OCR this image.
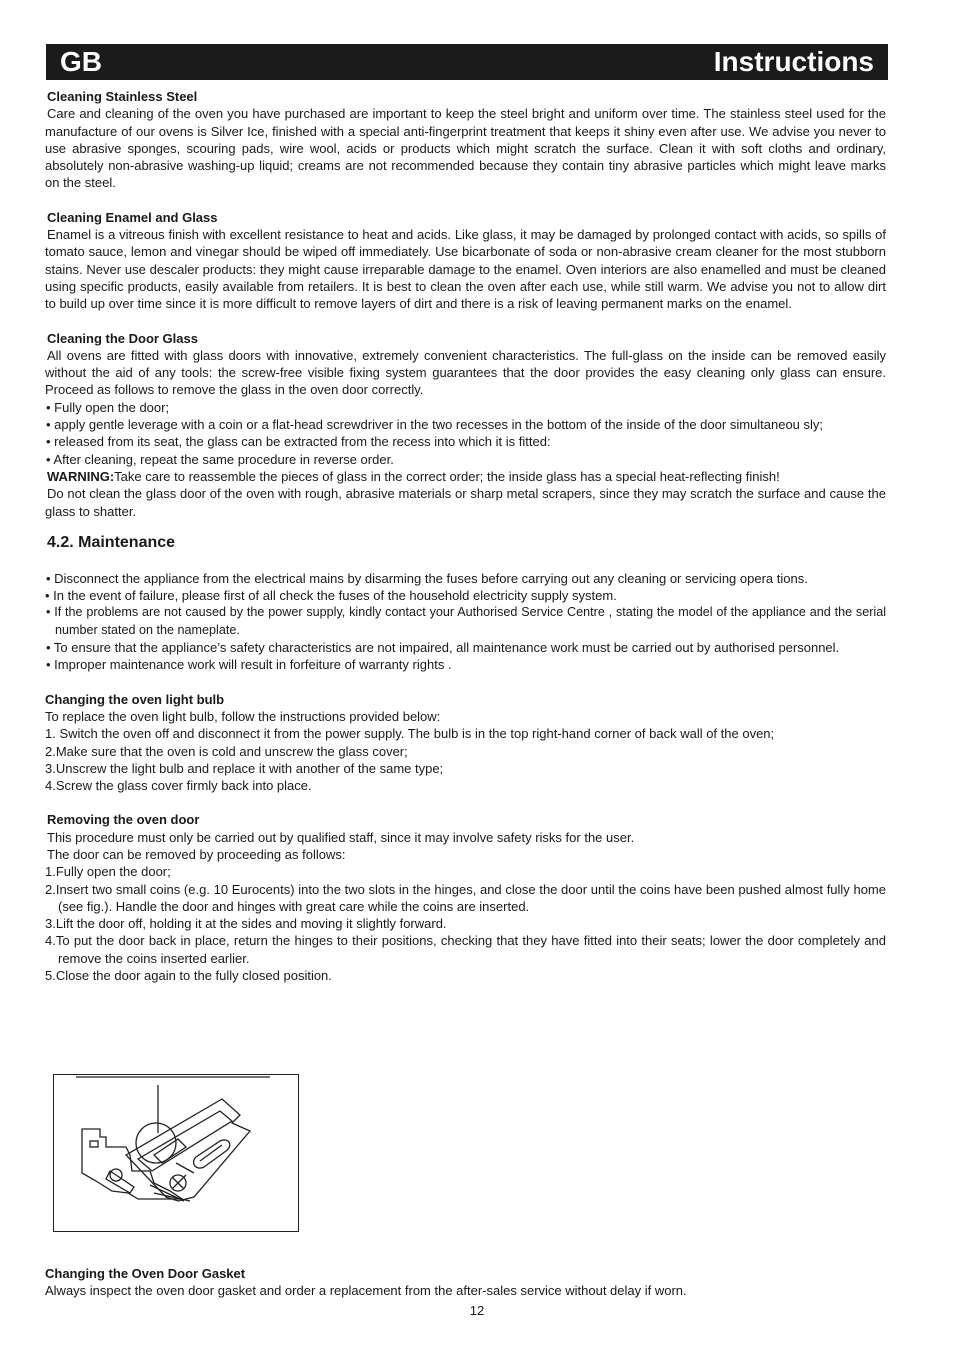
GB	Instructions

Cleaning Stainless Steel

Care and cleaning of the oven you have purchased are important to keep the steel bright and uniform over time. The stainless steel used for the manufacture of our ovens is Silver Ice, finished with a special anti-fingerprint treatment that keeps it shiny even after use. We advise you never to use abrasive sponges, scouring pads, wire wool, acids or products which might scratch the surface. Clean it with soft cloths and ordinary, absolutely non-abrasive washing-up liquid; creams are not recommended because they contain tiny abrasive particles which might leave marks on the steel.

Cleaning Enamel and Glass

Enamel is a vitreous finish with excellent resistance to heat and acids. Like glass, it may be damaged by prolonged contact with acids, so spills of tomato sauce, lemon and vinegar should be wiped off immediately. Use bicarbonate of soda or non-abrasive cream cleaner for the most stubborn stains. Never use descaler products: they might cause irreparable damage to the enamel. Oven interiors are also enamelled and must be cleaned using specific products, easily available from retailers. It is best to clean the oven after each use, while still warm. We advise you not to allow dirt to build up over time since it is more difficult to remove layers of dirt and there is a risk of leaving permanent marks on the enamel.

Cleaning the Door Glass

All ovens are fitted with glass doors with innovative, extremely convenient characteristics. The full-glass on the inside can be removed easily without the aid of any tools: the screw-free visible fixing system guarantees that the door provides the easy cleaning only glass can ensure. Proceed as follows to remove the glass in the oven door correctly.

• Fully open the door;

• apply gentle leverage with a coin or a flat-head screwdriver in the two recesses in the bottom of the inside of the door simultaneou sly;

• released from its seat, the glass can be extracted from the recess into which it is fitted:

• After cleaning, repeat the same procedure in reverse order.

WARNING:Take care to reassemble the pieces of glass in the correct order; the inside glass has a special heat-reflecting finish!

Do not clean the glass door of the oven with rough, abrasive materials or sharp metal scrapers, since they may scratch the surface and cause the glass to shatter.

4.2. Maintenance

• Disconnect the appliance from the electrical mains by disarming the fuses before carrying out any cleaning or servicing opera tions.

• In the event of failure, please first of all check the fuses of the household electricity supply system.

• If the problems are not caused by the power supply, kindly contact your Authorised Service Centre , stating the model of the appliance and the serial number stated on the nameplate.

• To ensure that the appliance’s safety characteristics are not impaired, all maintenance work must be carried out by authorised personnel.

• Improper maintenance work will result in forfeiture of warranty rights .

Changing the oven light bulb

To replace the oven light bulb, follow the instructions provided below:

1. Switch the oven off and disconnect it from the power supply. The bulb is in the top right-hand corner of back wall of the oven;

2.Make sure that the oven is cold and unscrew the glass cover;

3.Unscrew the light bulb and replace it with another of the same type;

4.Screw the glass cover firmly back into place.

Removing the oven door

This procedure must only be carried out by qualified staff, since it may involve safety risks for the user.

The door can be removed by proceeding as follows:

1.Fully open the door;

2.Insert two small coins (e.g. 10 Eurocents) into the two slots in the hinges, and close the door until the coins have been pushed almost fully home (see fig.). Handle the door and hinges with great care while the coins are inserted.

3.Lift the door off, holding it at the sides and moving it slightly forward.

4.To put the door back in place, return the hinges to their positions, checking that they have fitted into their seats; lower the door completely and remove the coins inserted earlier.

5.Close the door again to the fully closed position.

Changing the Oven Door Gasket

Always inspect the oven door gasket and order a replacement from the after-sales service without delay if worn.

12
